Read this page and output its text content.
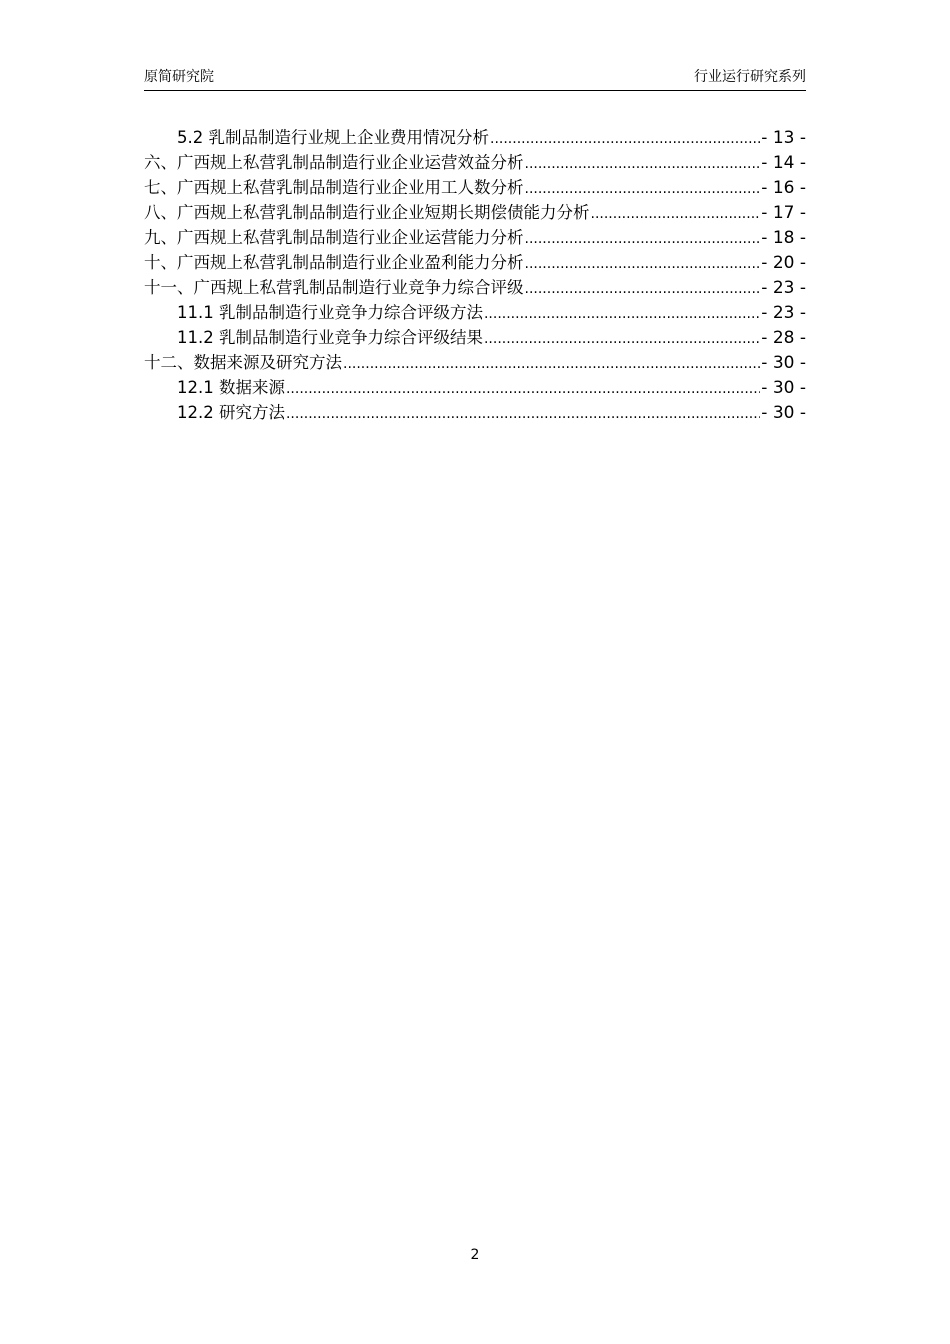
原简研究院	行业运行研究系列
5.2 乳制品制造行业规上企业费用情况分析 .....	- 13 -
六、广西规上私营乳制品制造行业企业运营效益分析 .....	- 14 -
七、广西规上私营乳制品制造行业企业用工人数分析 .....	- 16 -
八、广西规上私营乳制品制造行业企业短期长期偿债能力分析 .....	- 17 -
九、广西规上私营乳制品制造行业企业运营能力分析 .....	- 18 -
十、广西规上私营乳制品制造行业企业盈利能力分析 .....	- 20 -
十一、广西规上私营乳制品制造行业竞争力综合评级 .....	- 23 -
11.1 乳制品制造行业竞争力综合评级方法 .....	- 23 -
11.2 乳制品制造行业竞争力综合评级结果 .....	- 28 -
十二、数据来源及研究方法 .....	- 30 -
12.1 数据来源 .....	- 30 -
12.2 研究方法 .....	- 30 -
2
